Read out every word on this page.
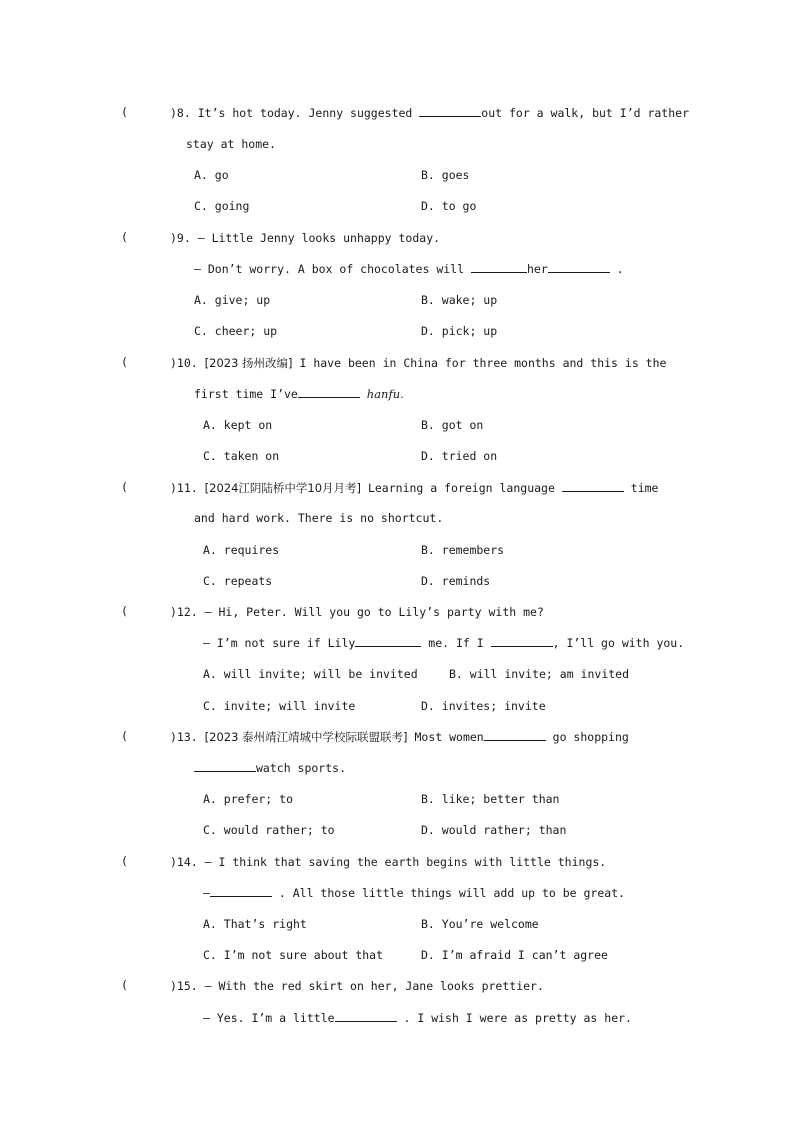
(	)8. It’s hot today. Jenny suggested	out for a walk, but I’d rather
stay at home.
A. go	B. goes
C. going	D. to go
(	)9. — Little Jenny looks unhappy today.
— Don’t worry. A box of chocolates will	her	.
A. give; up	B. wake; up
C. cheer; up	D. pick; up
(	)10. [2023 扬州改编] I have been in China for three months and this is the
first time I’ve	hanfu.
A. kept on	B. got on
C. taken on	D. tried on
(	)11. [2024江阴陆桥中学10月月考] Learning a foreign language	time
and hard work. There is no shortcut.
A. requires	B. remembers
C. repeats	D. reminds
(	)12. — Hi, Peter. Will you go to Lily’s party with me?
— I’m not sure if Lily	me. If I	, I’ll go with you.
A. will invite; will be invited	B. will invite; am invited
C. invite; will invite	D. invites; invite
(	)13. [2023 泰州靖江靖城中学校际联盟联考] Most women	go shopping
watch sports.
A. prefer; to	B. like; better than
C. would rather; to	D. would rather; than
(	)14. — I think that saving the earth begins with little things.
—	. All those little things will add up to be great.
A. That’s right	B. You’re welcome
C. I’m not sure about that	D. I’m afraid I can’t agree
(	)15. — With the red skirt on her, Jane looks prettier.
— Yes. I’m a little	. I wish I were as pretty as her.
